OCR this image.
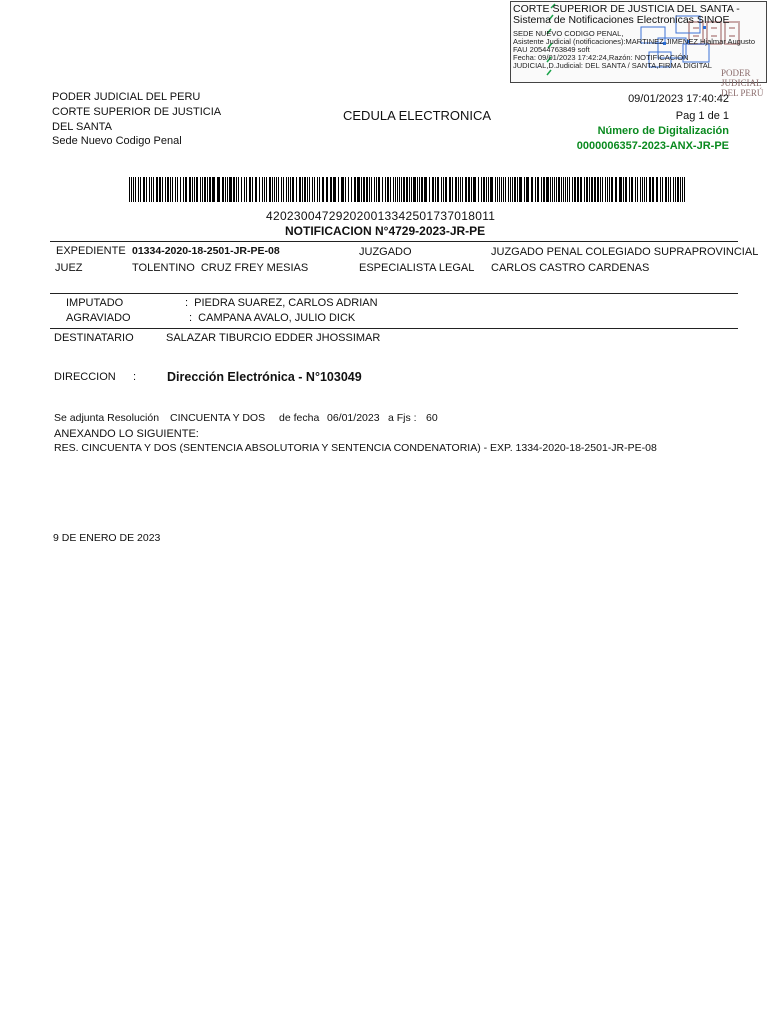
CORTE SUPERIOR DE JUSTICIA DEL SANTA -
Sistema de Notificaciones Electronicas SINOE
SEDE NUEVO CODIGO PENAL,
Asistente Judicial (notificaciones):MARTINEZ JIMENEZ Hjalmar Augusto
FAU 20544763849 soft
Fecha: 09/01/2023 17:42:24,Razón: NOTIFICACIÓN
JUDICIAL,D.Judicial: DEL SANTA / SANTA,FIRMA DIGITAL
PODER JUDICIAL DEL PERÚ
PODER JUDICIAL DEL PERU
CORTE SUPERIOR DE JUSTICIA
DEL SANTA
Sede Nuevo Codigo Penal
CEDULA ELECTRONICA
09/01/2023 17:40:42
Pag 1 de 1
Número de Digitalización
0000006357-2023-ANX-JR-PE
42023004729202001334250173701801​1
NOTIFICACION N°4729-2023-JR-PE
EXPEDIENTE 01334-2020-18-2501-JR-PE-08	JUZGADO	JUZGADO PENAL COLEGIADO SUPRAPROVINCIAL
JUEZ	TOLENTINO  CRUZ FREY MESIAS	ESPECIALISTA LEGAL CARLOS CASTRO CARDENAS
IMPUTADO	:  PIEDRA SUAREZ, CARLOS ADRIAN
AGRAVIADO	:  CAMPANA AVALO, JULIO DICK
DESTINATARIO	SALAZAR TIBURCIO EDDER JHOSSIMAR
DIRECCION : Dirección Electrónica - N°103049
Se adjunta Resolución CINCUENTA Y DOS de fecha 06/01/2023 a Fjs : 60
ANEXANDO LO SIGUIENTE:
RES. CINCUENTA Y DOS (SENTENCIA ABSOLUTORIA Y SENTENCIA CONDENATORIA) - EXP. 1334-2020-18-2501-JR-PE-08
9 DE ENERO DE 2023
